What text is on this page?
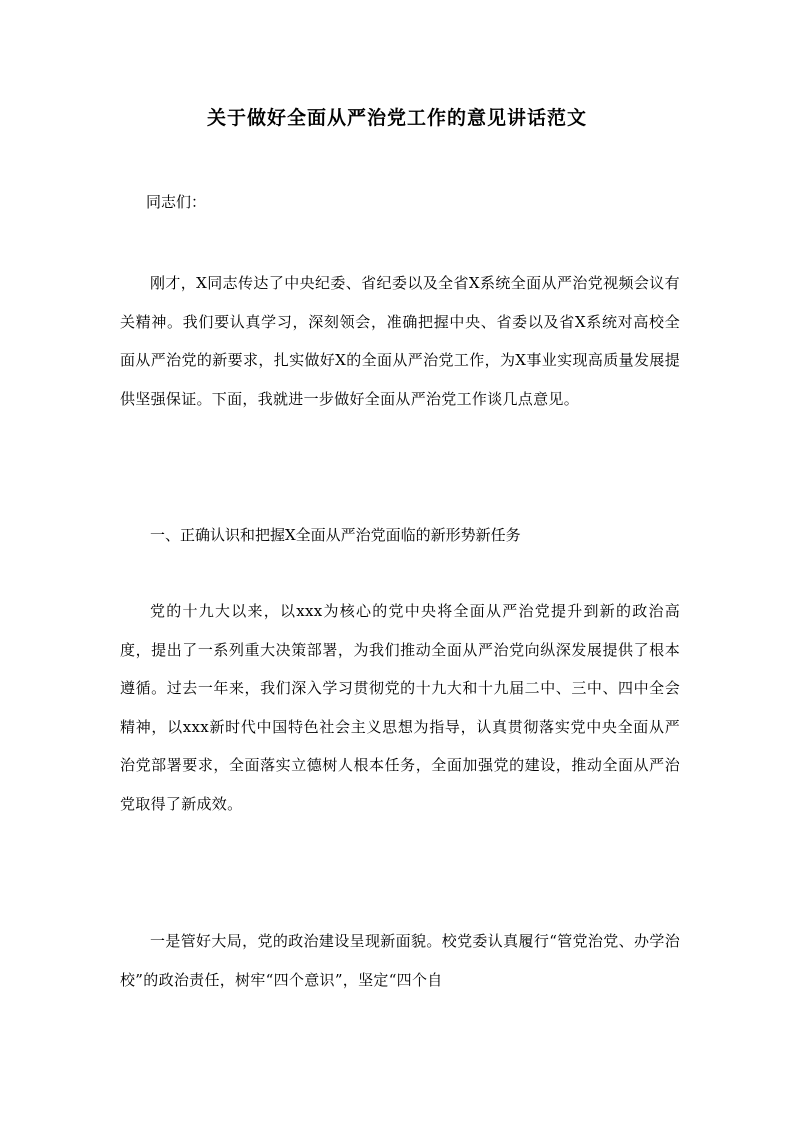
关于做好全面从严治党工作的意见讲话范文

同志们：

刚才，X同志传达了中央纪委、省纪委以及全省X系统全面从严治党视频会议有关精神。我们要认真学习，深刻领会，准确把握中央、省委以及省X系统对高校全面从严治党的新要求，扎实做好X的全面从严治党工作，为X事业实现高质量发展提供坚强保证。下面，我就进一步做好全面从严治党工作谈几点意见。

一、正确认识和把握X全面从严治党面临的新形势新任务

党的十九大以来，以xxx为核心的党中央将全面从严治党提升到新的政治高度，提出了一系列重大决策部署，为我们推动全面从严治党向纵深发展提供了根本遵循。过去一年来，我们深入学习贯彻党的十九大和十九届二中、三中、四中全会精神，以xxx新时代中国特色社会主义思想为指导，认真贯彻落实党中央全面从严治党部署要求，全面落实立德树人根本任务，全面加强党的建设，推动全面从严治党取得了新成效。

一是管好大局，党的政治建设呈现新面貌。校党委认真履行“管党治党、办学治校”的政治责任，树牢“四个意识”，坚定“四个自
